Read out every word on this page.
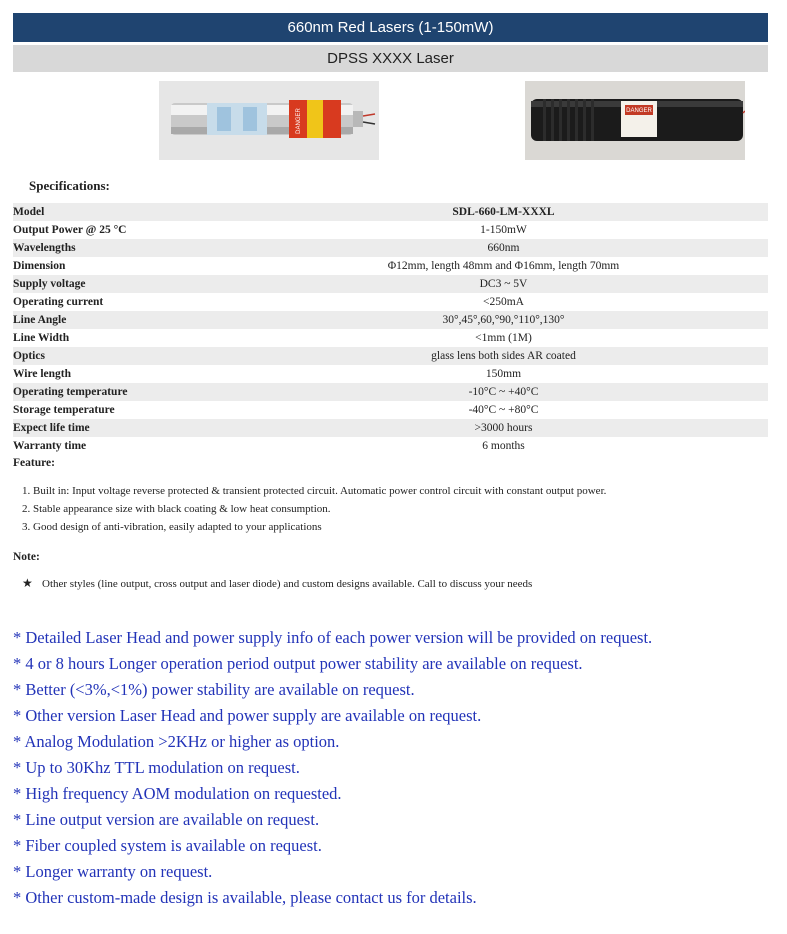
660nm Red Lasers (1-150mW)
DPSS XXXX Laser
DANGER	DANGER
Specifications:
Model	SDL-660-LM-XXXL
Output Power @ 25 °C	1-150mW
Wavelengths	660nm
Dimension	Φ12mm, length 48mm and Φ16mm, length 70mm
Supply voltage	DC3 ~ 5V
Operating current	<250mA
Line Angle	30°,45°,60,°90,°110°,130°
Line Width	<1mm (1M)
Optics	glass lens both sides AR coated
Wire length	150mm
Operating temperature	-10°C ~ +40°C
Storage temperature	-40°C ~ +80°C
Expect life time	>3000 hours
Warranty time	6 months
Feature:
1. Built in: Input voltage reverse protected & transient protected circuit. Automatic power control circuit with constant output power.
2. Stable appearance size with black coating & low heat consumption.
3. Good design of anti-vibration, easily adapted to your applications
Note:
★ Other styles (line output, cross output and laser diode) and custom designs available. Call to discuss your needs
* Detailed Laser Head and power supply info of each power version will be provided on request.
* 4 or 8 hours Longer operation period output power stability are available on request.
* Better (<3%,<1%) power stability are available on request.
* Other version Laser Head and power supply are available on request.
* Analog Modulation >2KHz or higher as option.
* Up to 30Khz TTL modulation on request.
* High frequency AOM modulation on requested.
* Line output version are available on request.
* Fiber coupled system is available on request.
* Longer warranty on request.
* Other custom-made design is available, please contact us for details.
